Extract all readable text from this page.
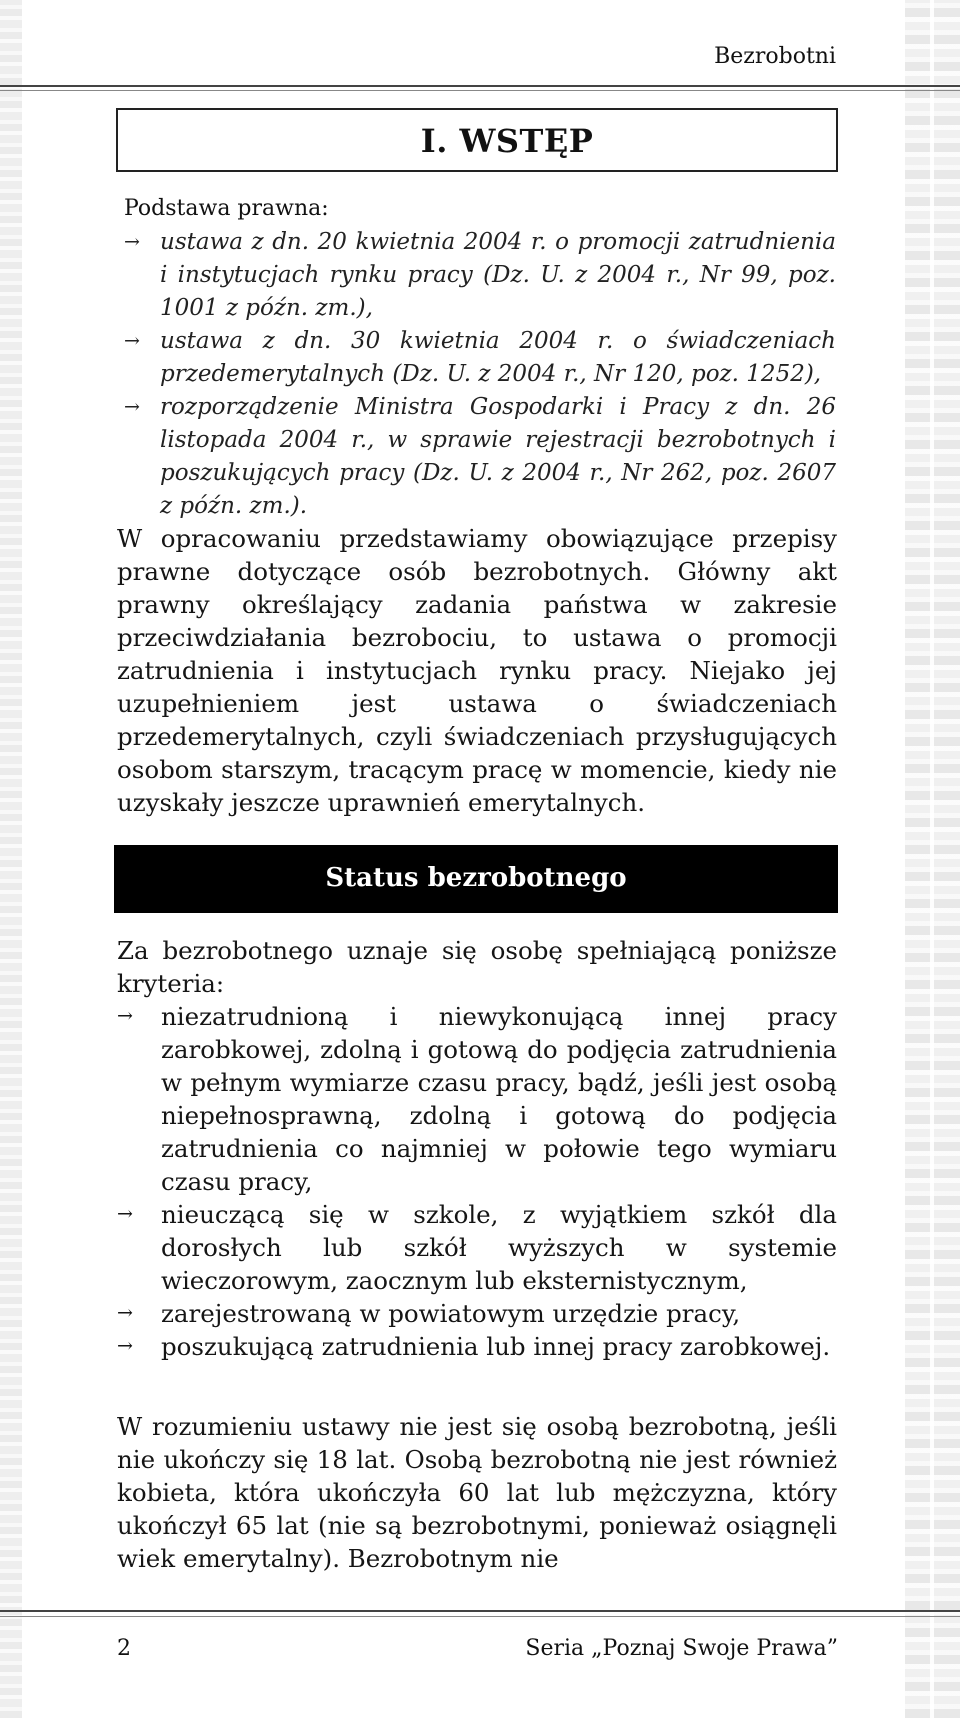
Bezrobotni
I. WSTĘP
Podstawa prawna:
→ ustawa z dn. 20 kwietnia 2004 r. o promocji zatrudnienia i instytucjach rynku pracy (Dz. U. z 2004 r., Nr 99, poz. 1001 z późn. zm.),
→ ustawa z dn. 30 kwietnia 2004 r. o świadczeniach przedemerytalnych (Dz. U. z 2004 r., Nr 120, poz. 1252),
→ rozporządzenie Ministra Gospodarki i Pracy z dn. 26 listopada 2004 r., w sprawie rejestracji bezrobotnych i poszukujących pracy (Dz. U. z 2004 r., Nr 262, poz. 2607 z późn. zm.).

W opracowaniu przedstawiamy obowiązujące przepisy prawne dotyczące osób bezrobotnych. Główny akt prawny określający zadania państwa w zakresie przeciwdziałania bezrobociu, to ustawa o promocji zatrudnienia i instytucjach rynku pracy. Niejako jej uzupełnieniem jest ustawa o świadczeniach przedemerytalnych, czyli świadczeniach przysługujących osobom starszym, tracącym pracę w momencie, kiedy nie uzyskały jeszcze uprawnień emerytalnych.

Status bezrobotnego

Za bezrobotnego uznaje się osobę spełniającą poniższe kryteria:

→ niezatrudnioną i niewykonującą innej pracy zarobkowej, zdolną i gotową do podjęcia zatrudnienia w pełnym wymiarze czasu pracy, bądź, jeśli jest osobą niepełnosprawną, zdolną i gotową do podjęcia zatrudnienia co najmniej w połowie tego wymiaru czasu pracy,
→ nieuczącą się w szkole, z wyjątkiem szkół dla dorosłych lub szkół wyższych w systemie wieczorowym, zaocznym lub eksternistycznym,
→ zarejestrowaną w powiatowym urzędzie pracy,
→ poszukującą zatrudnienia lub innej pracy zarobkowej.

W rozumieniu ustawy nie jest się osobą bezrobotną, jeśli nie ukończy się 18 lat. Osobą bezrobotną nie jest również kobieta, która ukończyła 60 lat lub mężczyzna, który ukończył 65 lat (nie są bezrobotnymi, ponieważ osiągnęli wiek emerytalny). Bezrobotnym nie

2	Seria „Poznaj Swoje Prawa”
